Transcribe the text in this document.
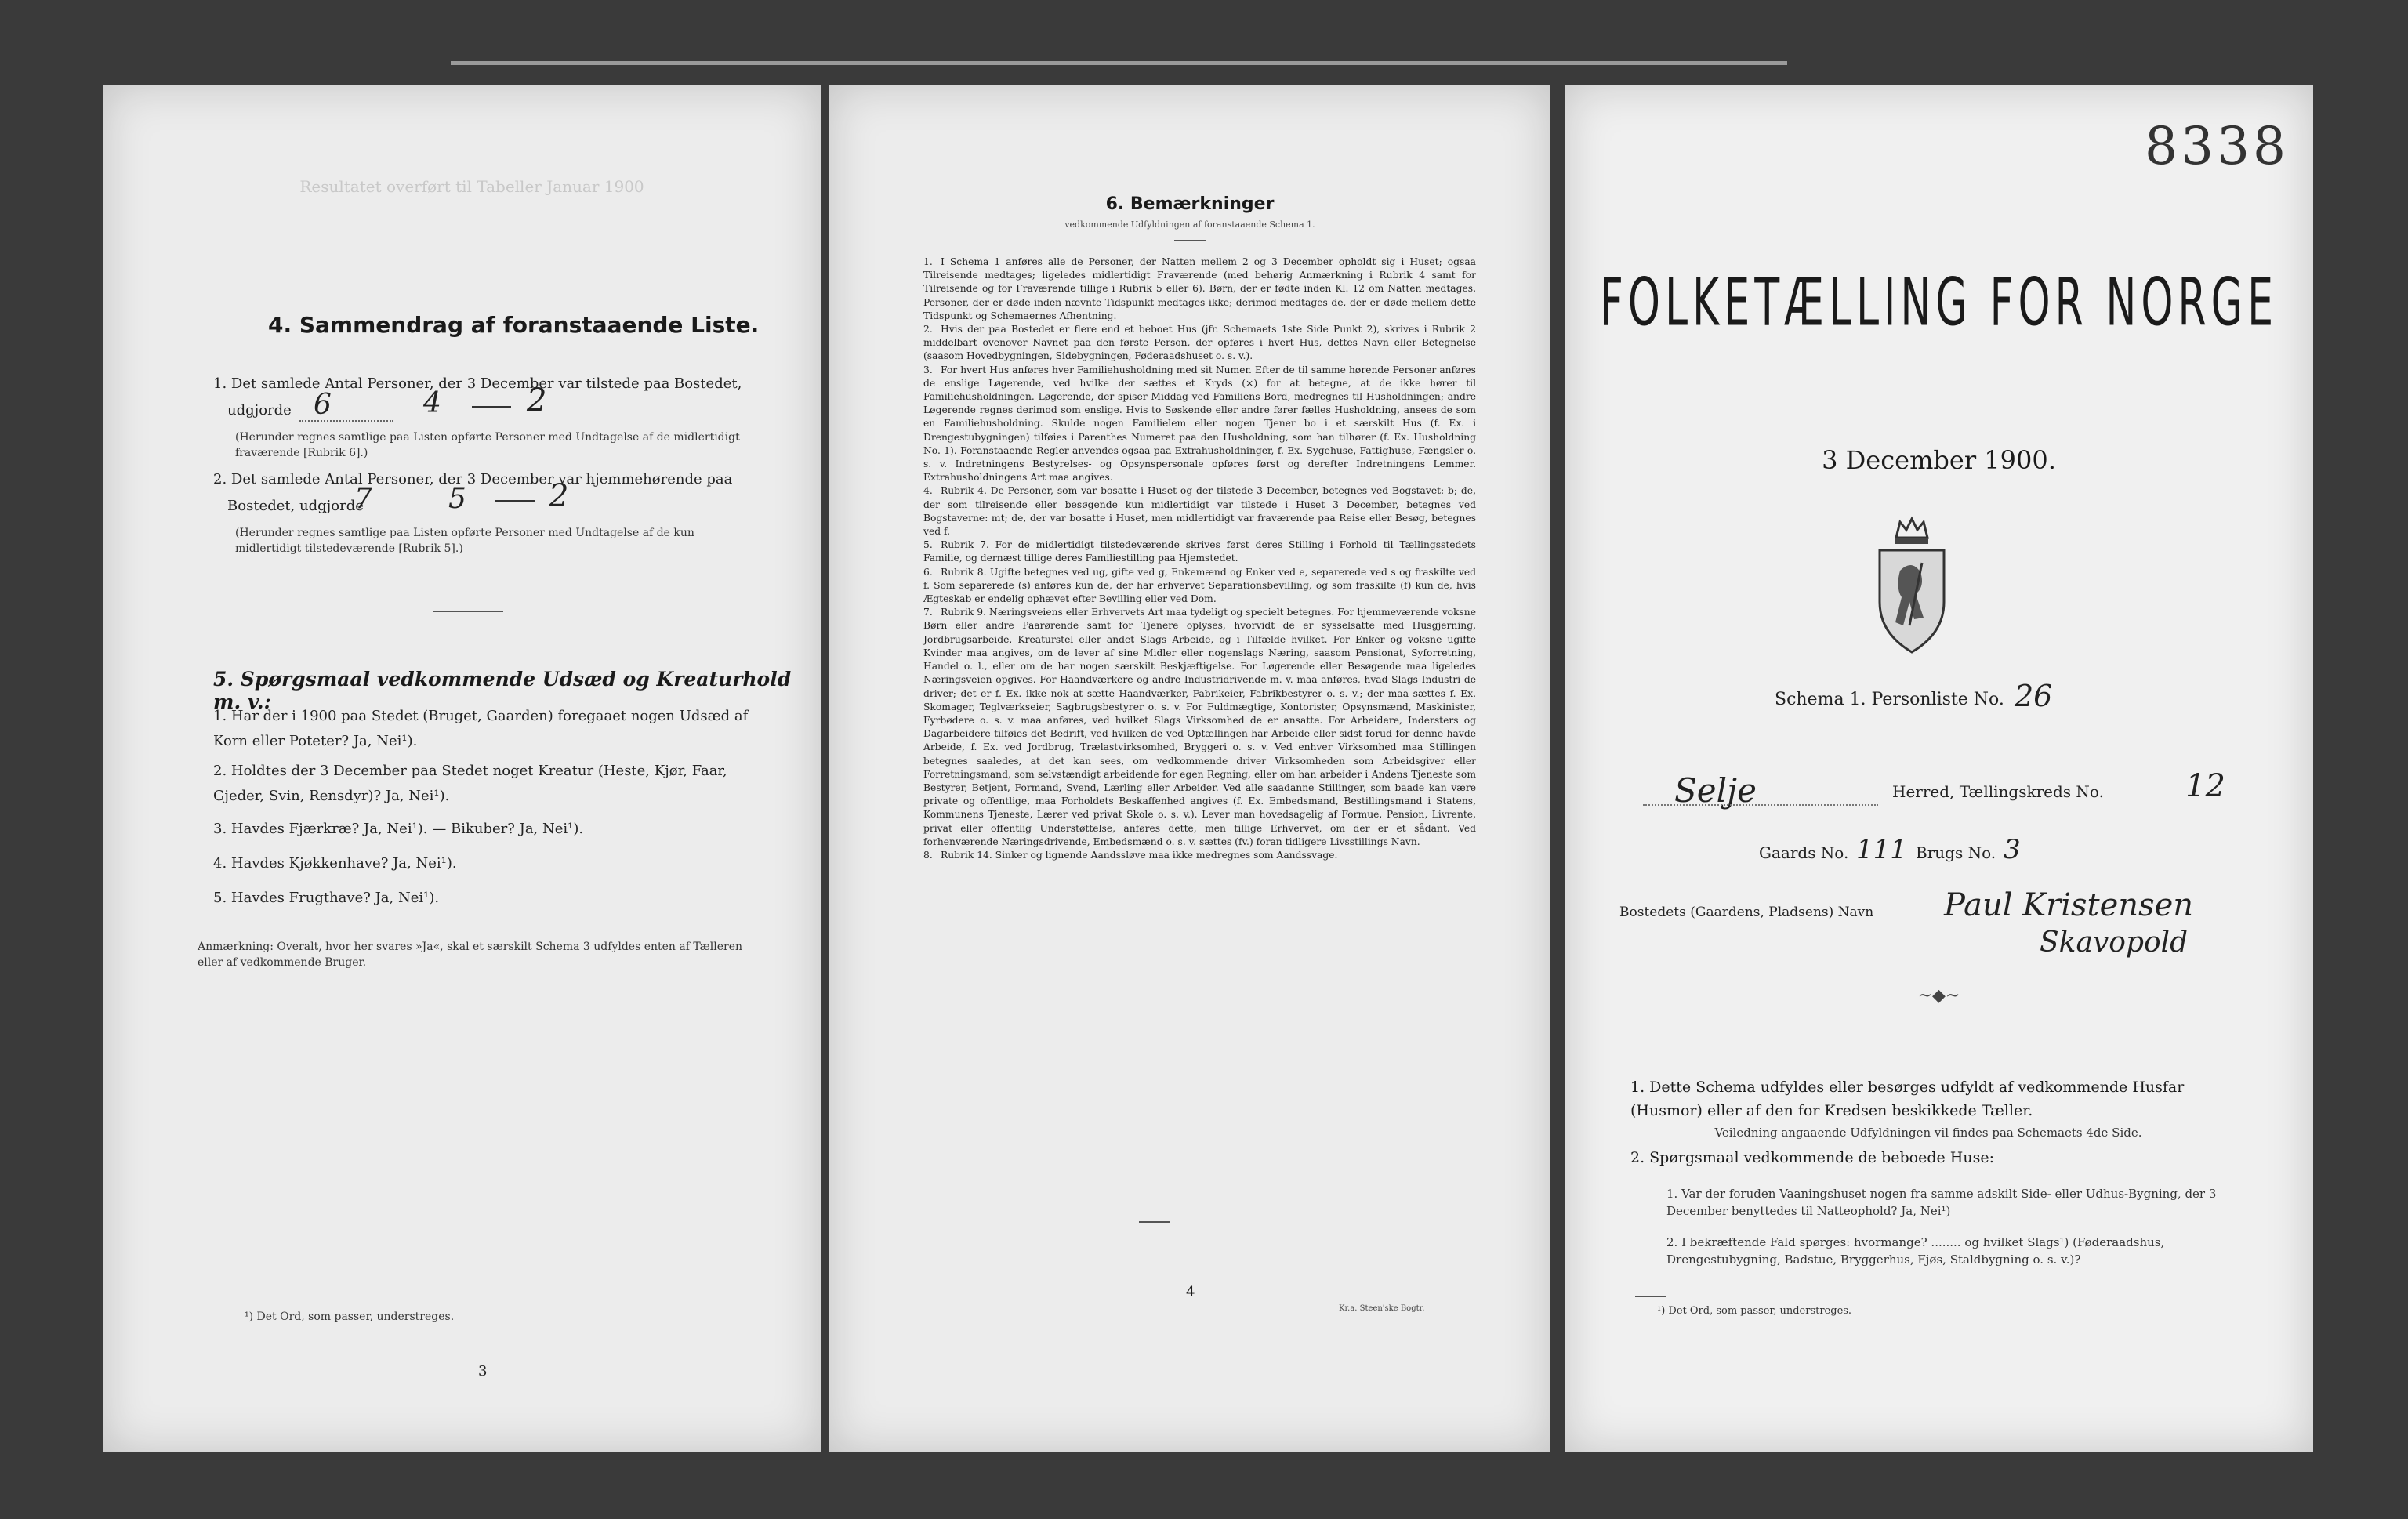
Resultatet overført til Tabeller Januar 1900
4. Sammendrag af foranstaaende Liste.
1. Det samlede Antal Personer, der 3 December var tilstede paa Bostedet,
udgjorde 6	4	2
(Herunder regnes samtlige paa Listen opførte Personer med Undtagelse af de midlertidigt fraværende [Rubrik 6].)
2. Det samlede Antal Personer, der 3 December var hjemmehørende paa
Bostedet, udgjorde
7	5	2
(Herunder regnes samtlige paa Listen opførte Personer med Undtagelse af de kun midlertidigt tilstedeværende [Rubrik 5].)
5. Spørgsmaal vedkommende Udsæd og Kreaturhold m. v.:
1. Har der i 1900 paa Stedet (Bruget, Gaarden) foregaaet nogen Udsæd af Korn eller Poteter? Ja, Nei¹).
2. Holdtes der 3 December paa Stedet noget Kreatur (Heste, Kjør, Faar, Gjeder, Svin, Rensdyr)? Ja, Nei¹).
3. Havdes Fjærkræ? Ja, Nei¹). — Bikuber? Ja, Nei¹).
4. Havdes Kjøkkenhave? Ja, Nei¹).
5. Havdes Frugthave? Ja, Nei¹).
Anmærkning: Overalt, hvor her svares »Ja«, skal et særskilt Schema 3 udfyldes enten af Tælleren eller af vedkommende Bruger.
¹) Det Ord, som passer, understreges.
3
6. Bemærkninger
vedkommende Udfyldningen af foranstaaende Schema 1.
1. I Schema 1 anføres alle de Personer, der Natten mellem 2 og 3 December opholdt sig i Huset; ogsaa Tilreisende medtages; ligeledes midlertidigt Fraværende (med behørig Anmærkning i Rubrik 4 samt for Tilreisende og for Fraværende tillige i Rubrik 5 eller 6). Børn, der er fødte inden Kl. 12 om Natten medtages. Personer, der er døde inden nævnte Tidspunkt medtages ikke; derimod medtages de, der er døde mellem dette Tidspunkt og Schemaernes Afhentning.
2. Hvis der paa Bostedet er flere end et beboet Hus (jfr. Schemaets 1ste Side Punkt 2), skrives i Rubrik 2 middelbart ovenover Navnet paa den første Person, der opføres i hvert Hus, dettes Navn eller Betegnelse (saasom Hovedbygningen, Sidebygningen, Føderaadshuset o. s. v.).
3. For hvert Hus anføres hver Familiehusholdning med sit Numer. Efter de til samme hørende Personer anføres de enslige Løgerende, ved hvilke der sættes et Kryds (×) for at betegne, at de ikke hører til Familiehusholdningen. Løgerende, der spiser Middag ved Familiens Bord, medregnes til Husholdningen; andre Løgerende regnes derimod som enslige. Hvis to Søskende eller andre fører fælles Husholdning, ansees de som en Familiehusholdning. Skulde nogen Familielem eller nogen Tjener bo i et særskilt Hus (f. Ex. i Drengestubygningen) tilføies i Parenthes Numeret paa den Husholdning, som han tilhører (f. Ex. Husholdning No. 1). Foranstaaende Regler anvendes ogsaa paa Extrahusholdninger, f. Ex. Sygehuse, Fattighuse, Fængsler o. s. v. Indretningens Bestyrelses- og Opsynspersonale opføres først og derefter Indretningens Lemmer. Extrahusholdningens Art maa angives.
4. Rubrik 4. De Personer, som var bosatte i Huset og der tilstede 3 December, betegnes ved Bogstavet: b; de, der som tilreisende eller besøgende kun midlertidigt var tilstede i Huset 3 December, betegnes ved Bogstaverne: mt; de, der var bosatte i Huset, men midlertidigt var fraværende paa Reise eller Besøg, betegnes ved f.
5. Rubrik 7. For de midlertidigt tilstedeværende skrives først deres Stilling i Forhold til Tællingsstedets Familie, og dernæst tillige deres Familiestilling paa Hjemstedet.
6. Rubrik 8. Ugifte betegnes ved ug, gifte ved g, Enkemænd og Enker ved e, separerede ved s og fraskilte ved f. Som separerede (s) anføres kun de, der har erhvervet Separationsbevilling, og som fraskilte (f) kun de, hvis Ægteskab er endelig ophævet efter Bevilling eller ved Dom.
7. Rubrik 9. Næringsveiens eller Erhvervets Art maa tydeligt og specielt betegnes. For hjemmeværende voksne Børn eller andre Paarørende samt for Tjenere oplyses, hvorvidt de er sysselsatte med Husgjerning, Jordbrugsarbeide, Kreaturstel eller andet Slags Arbeide, og i Tilfælde hvilket. For Enker og voksne ugifte Kvinder maa angives, om de lever af sine Midler eller nogenslags Næring, saasom Pensionat, Syforretning, Handel o. l., eller om de har nogen særskilt Beskjæftigelse. For Løgerende eller Besøgende maa ligeledes Næringsveien opgives. For Haandværkere og andre Industridrivende m. v. maa anføres, hvad Slags Industri de driver; det er f. Ex. ikke nok at sætte Haandværker, Fabrikeier, Fabrikbestyrer o. s. v.; der maa sættes f. Ex. Skomager, Teglværkseier, Sagbrugsbestyrer o. s. v. For Fuldmægtige, Kontorister, Opsynsmænd, Maskinister, Fyrbødere o. s. v. maa anføres, ved hvilket Slags Virksomhed de er ansatte. For Arbeidere, Indersters og Dagarbeidere tilføies det Bedrift, ved hvilken de ved Optællingen har Arbeide eller sidst forud for denne havde Arbeide, f. Ex. ved Jordbrug, Trælastvirksomhed, Bryggeri o. s. v. Ved enhver Virksomhed maa Stillingen betegnes saaledes, at det kan sees, om vedkommende driver Virksomheden som Arbeidsgiver eller Forretningsmand, som selvstændigt arbeidende for egen Regning, eller om han arbeider i Andens Tjeneste som Bestyrer, Betjent, Formand, Svend, Lærling eller Arbeider. Ved alle saadanne Stillinger, som baade kan være private og offentlige, maa Forholdets Beskaffenhed angives (f. Ex. Embedsmand, Bestillingsmand i Statens, Kommunens Tjeneste, Lærer ved privat Skole o. s. v.). Lever man hovedsagelig af Formue, Pension, Livrente, privat eller offentlig Understøttelse, anføres dette, men tillige Erhvervet, om der er et sådant. Ved forhenværende Næringsdrivende, Embedsmænd o. s. v. sættes (fv.) foran tidligere Livsstillings Navn.
8. Rubrik 14. Sinker og lignende Aandssløve maa ikke medregnes som Aandssvage.
4
Kr.a. Steen'ske Bogtr.
8338
FOLKETÆLLING FOR NORGE
3 December 1900.
Schema 1. Personliste No. 26
Selje	Herred, Tællingskreds No.	12
Gaards No. 111 Brugs No. 3
Bostedets (Gaardens, Pladsens) Navn Paul Kristensen
Skavopold
~◆~
1. Dette Schema udfyldes eller besørges udfyldt af vedkommende Husfar (Husmor) eller af den for Kredsen beskikkede Tæller.
Veiledning angaaende Udfyldningen vil findes paa Schemaets 4de Side.
2. Spørgsmaal vedkommende de beboede Huse:
1. Var der foruden Vaaningshuset nogen fra samme adskilt Side- eller Udhus-Bygning, der 3 December benyttedes til Natteophold? Ja, Nei¹)
2. I bekræftende Fald spørges: hvormange? ........ og hvilket Slags¹) (Føderaadshus, Drengestubygning, Badstue, Bryggerhus, Fjøs, Staldbygning o. s. v.)?
¹) Det Ord, som passer, understreges.
